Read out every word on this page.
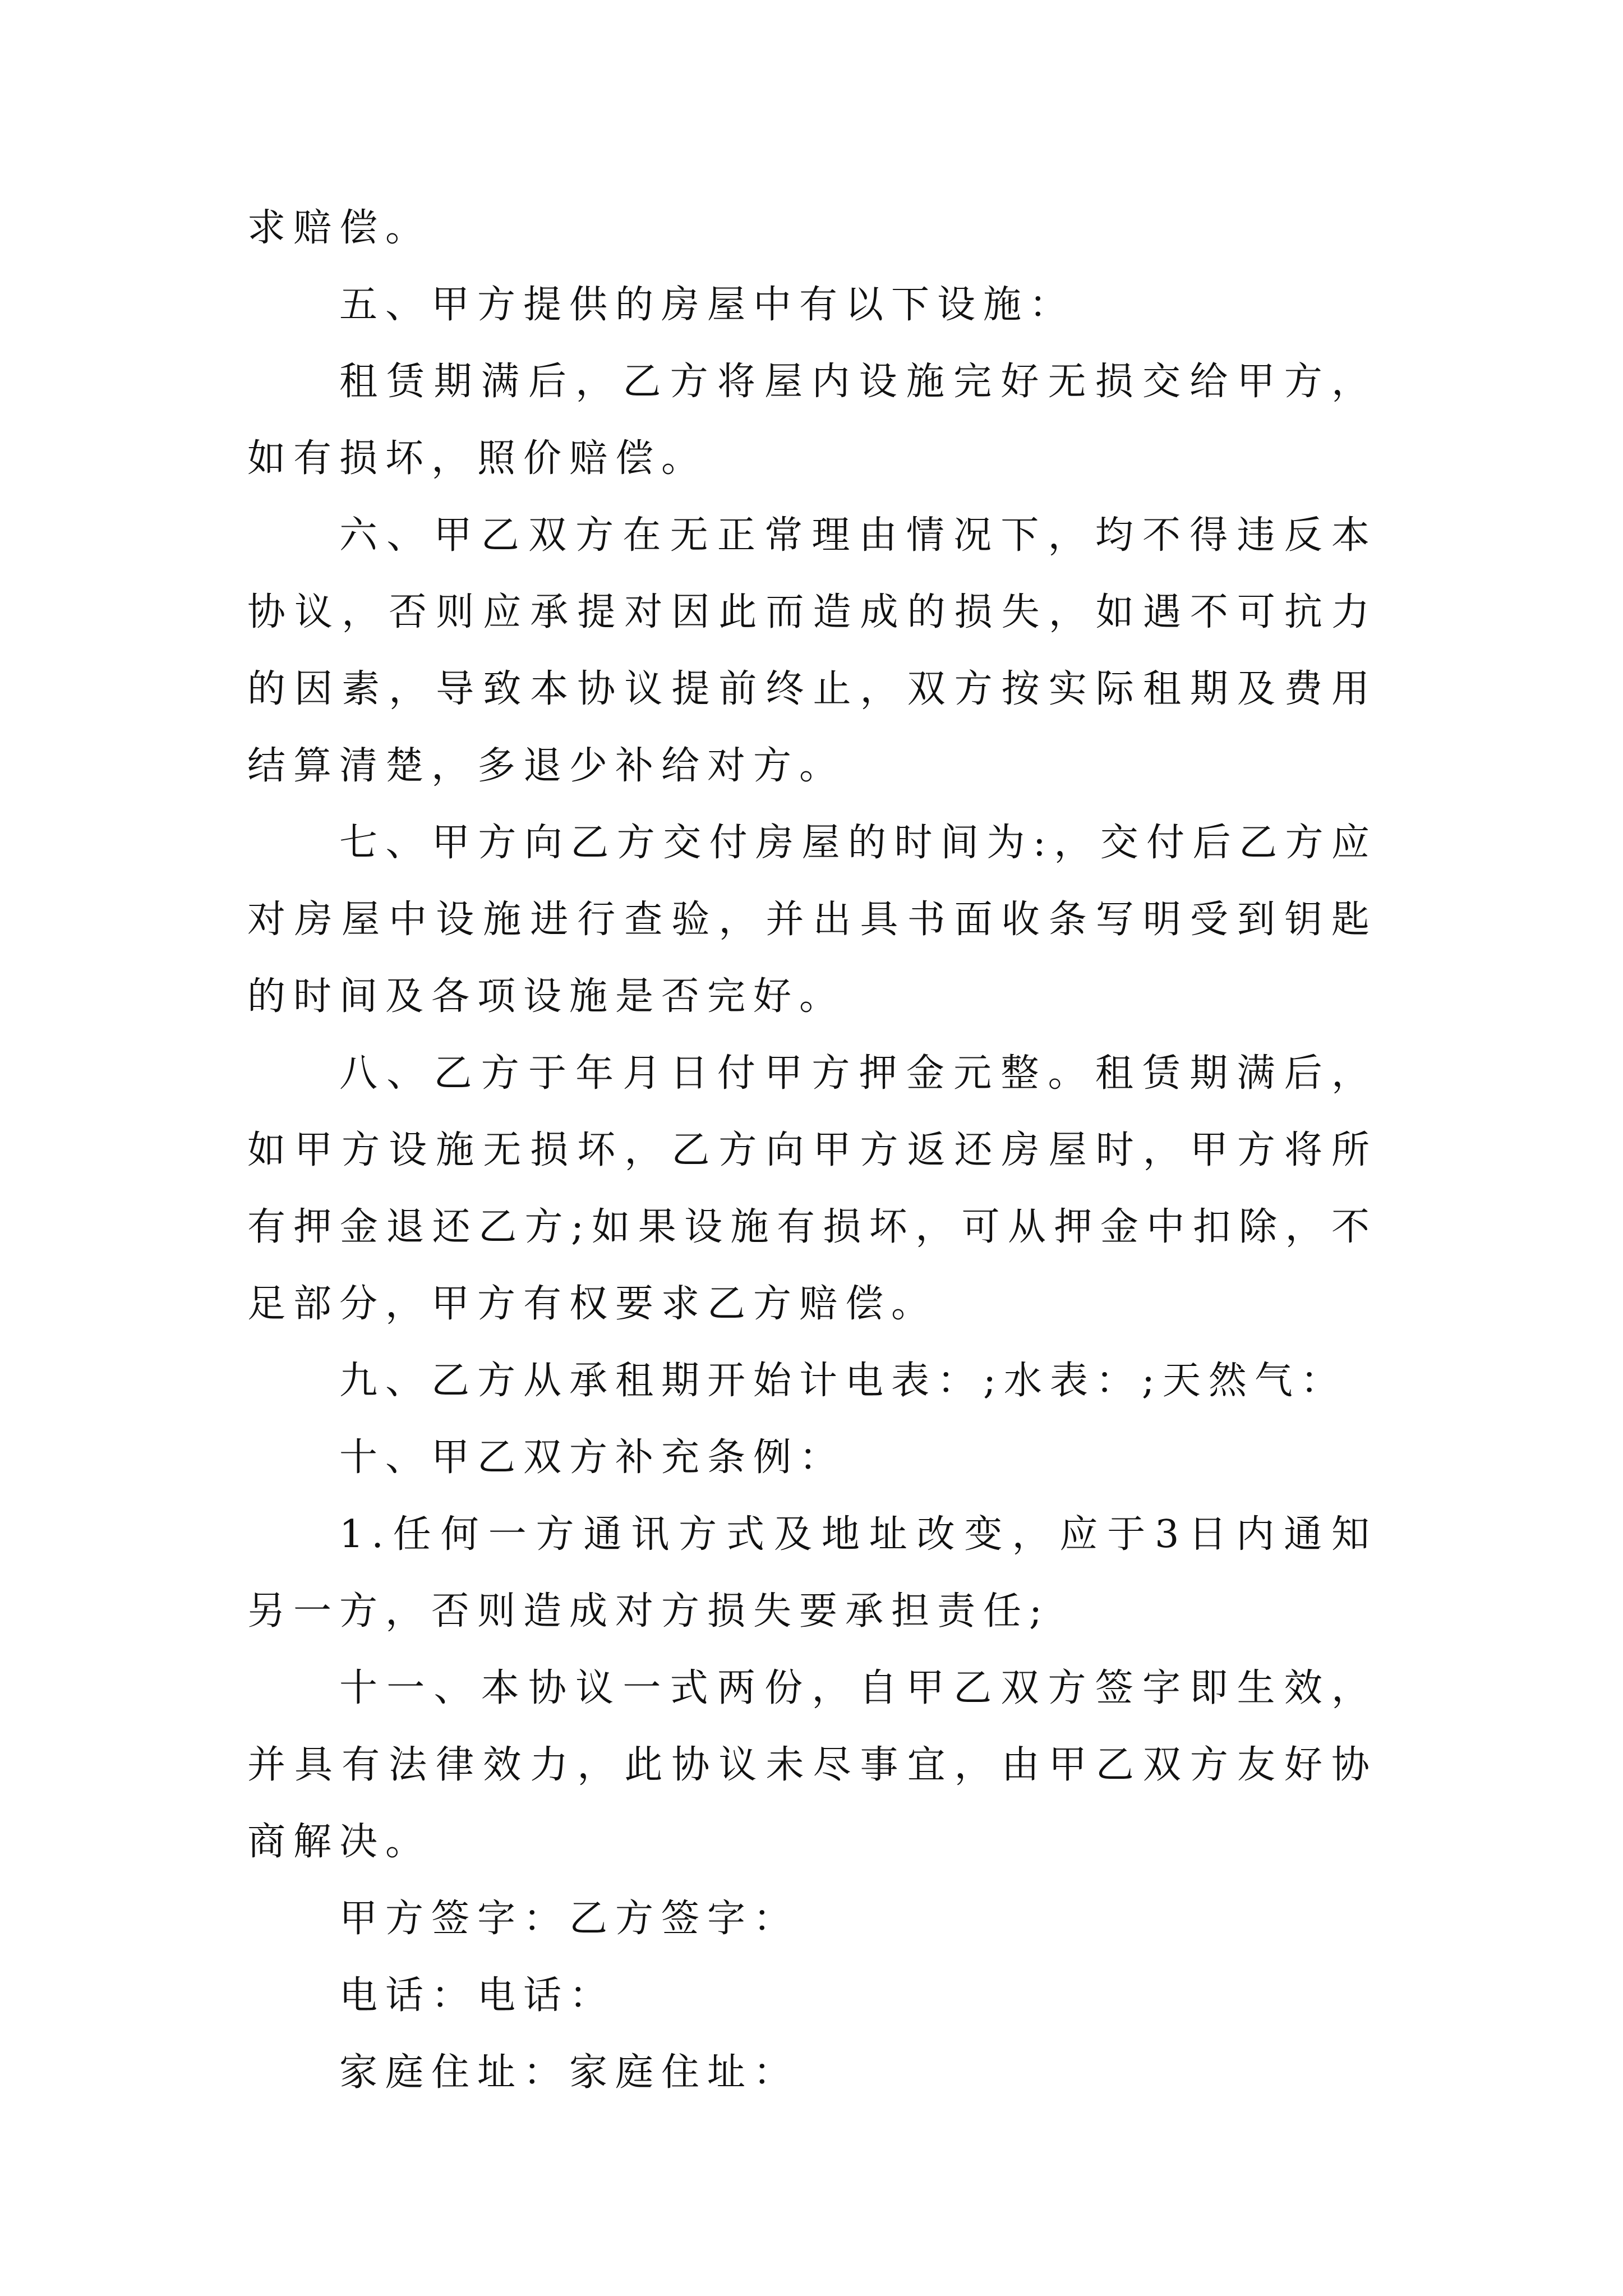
求赔偿。

五、甲方提供的房屋中有以下设施：

租赁期满后，乙方将屋内设施完好无损交给甲方，如有损坏，照价赔偿。

六、甲乙双方在无正常理由情况下，均不得违反本协议，否则应承提对因此而造成的损失，如遇不可抗力的因素，导致本协议提前终止，双方按实际租期及费用结算清楚，多退少补给对方。

七、甲方向乙方交付房屋的时间为:，交付后乙方应对房屋中设施进行查验，并出具书面收条写明受到钥匙的时间及各项设施是否完好。

八、乙方于年月日付甲方押金元整。租赁期满后，如甲方设施无损坏，乙方向甲方返还房屋时，甲方将所有押金退还乙方;如果设施有损坏，可从押金中扣除，不足部分，甲方有权要求乙方赔偿。

九、乙方从承租期开始计电表：;水表：;天然气：

十、甲乙双方补充条例：

1.任何一方通讯方式及地址改变，应于3日内通知另一方，否则造成对方损失要承担责任;

十一、本协议一式两份，自甲乙双方签字即生效，并具有法律效力，此协议未尽事宜，由甲乙双方友好协商解决。

甲方签字：乙方签字：

电话：电话：

家庭住址：家庭住址：
